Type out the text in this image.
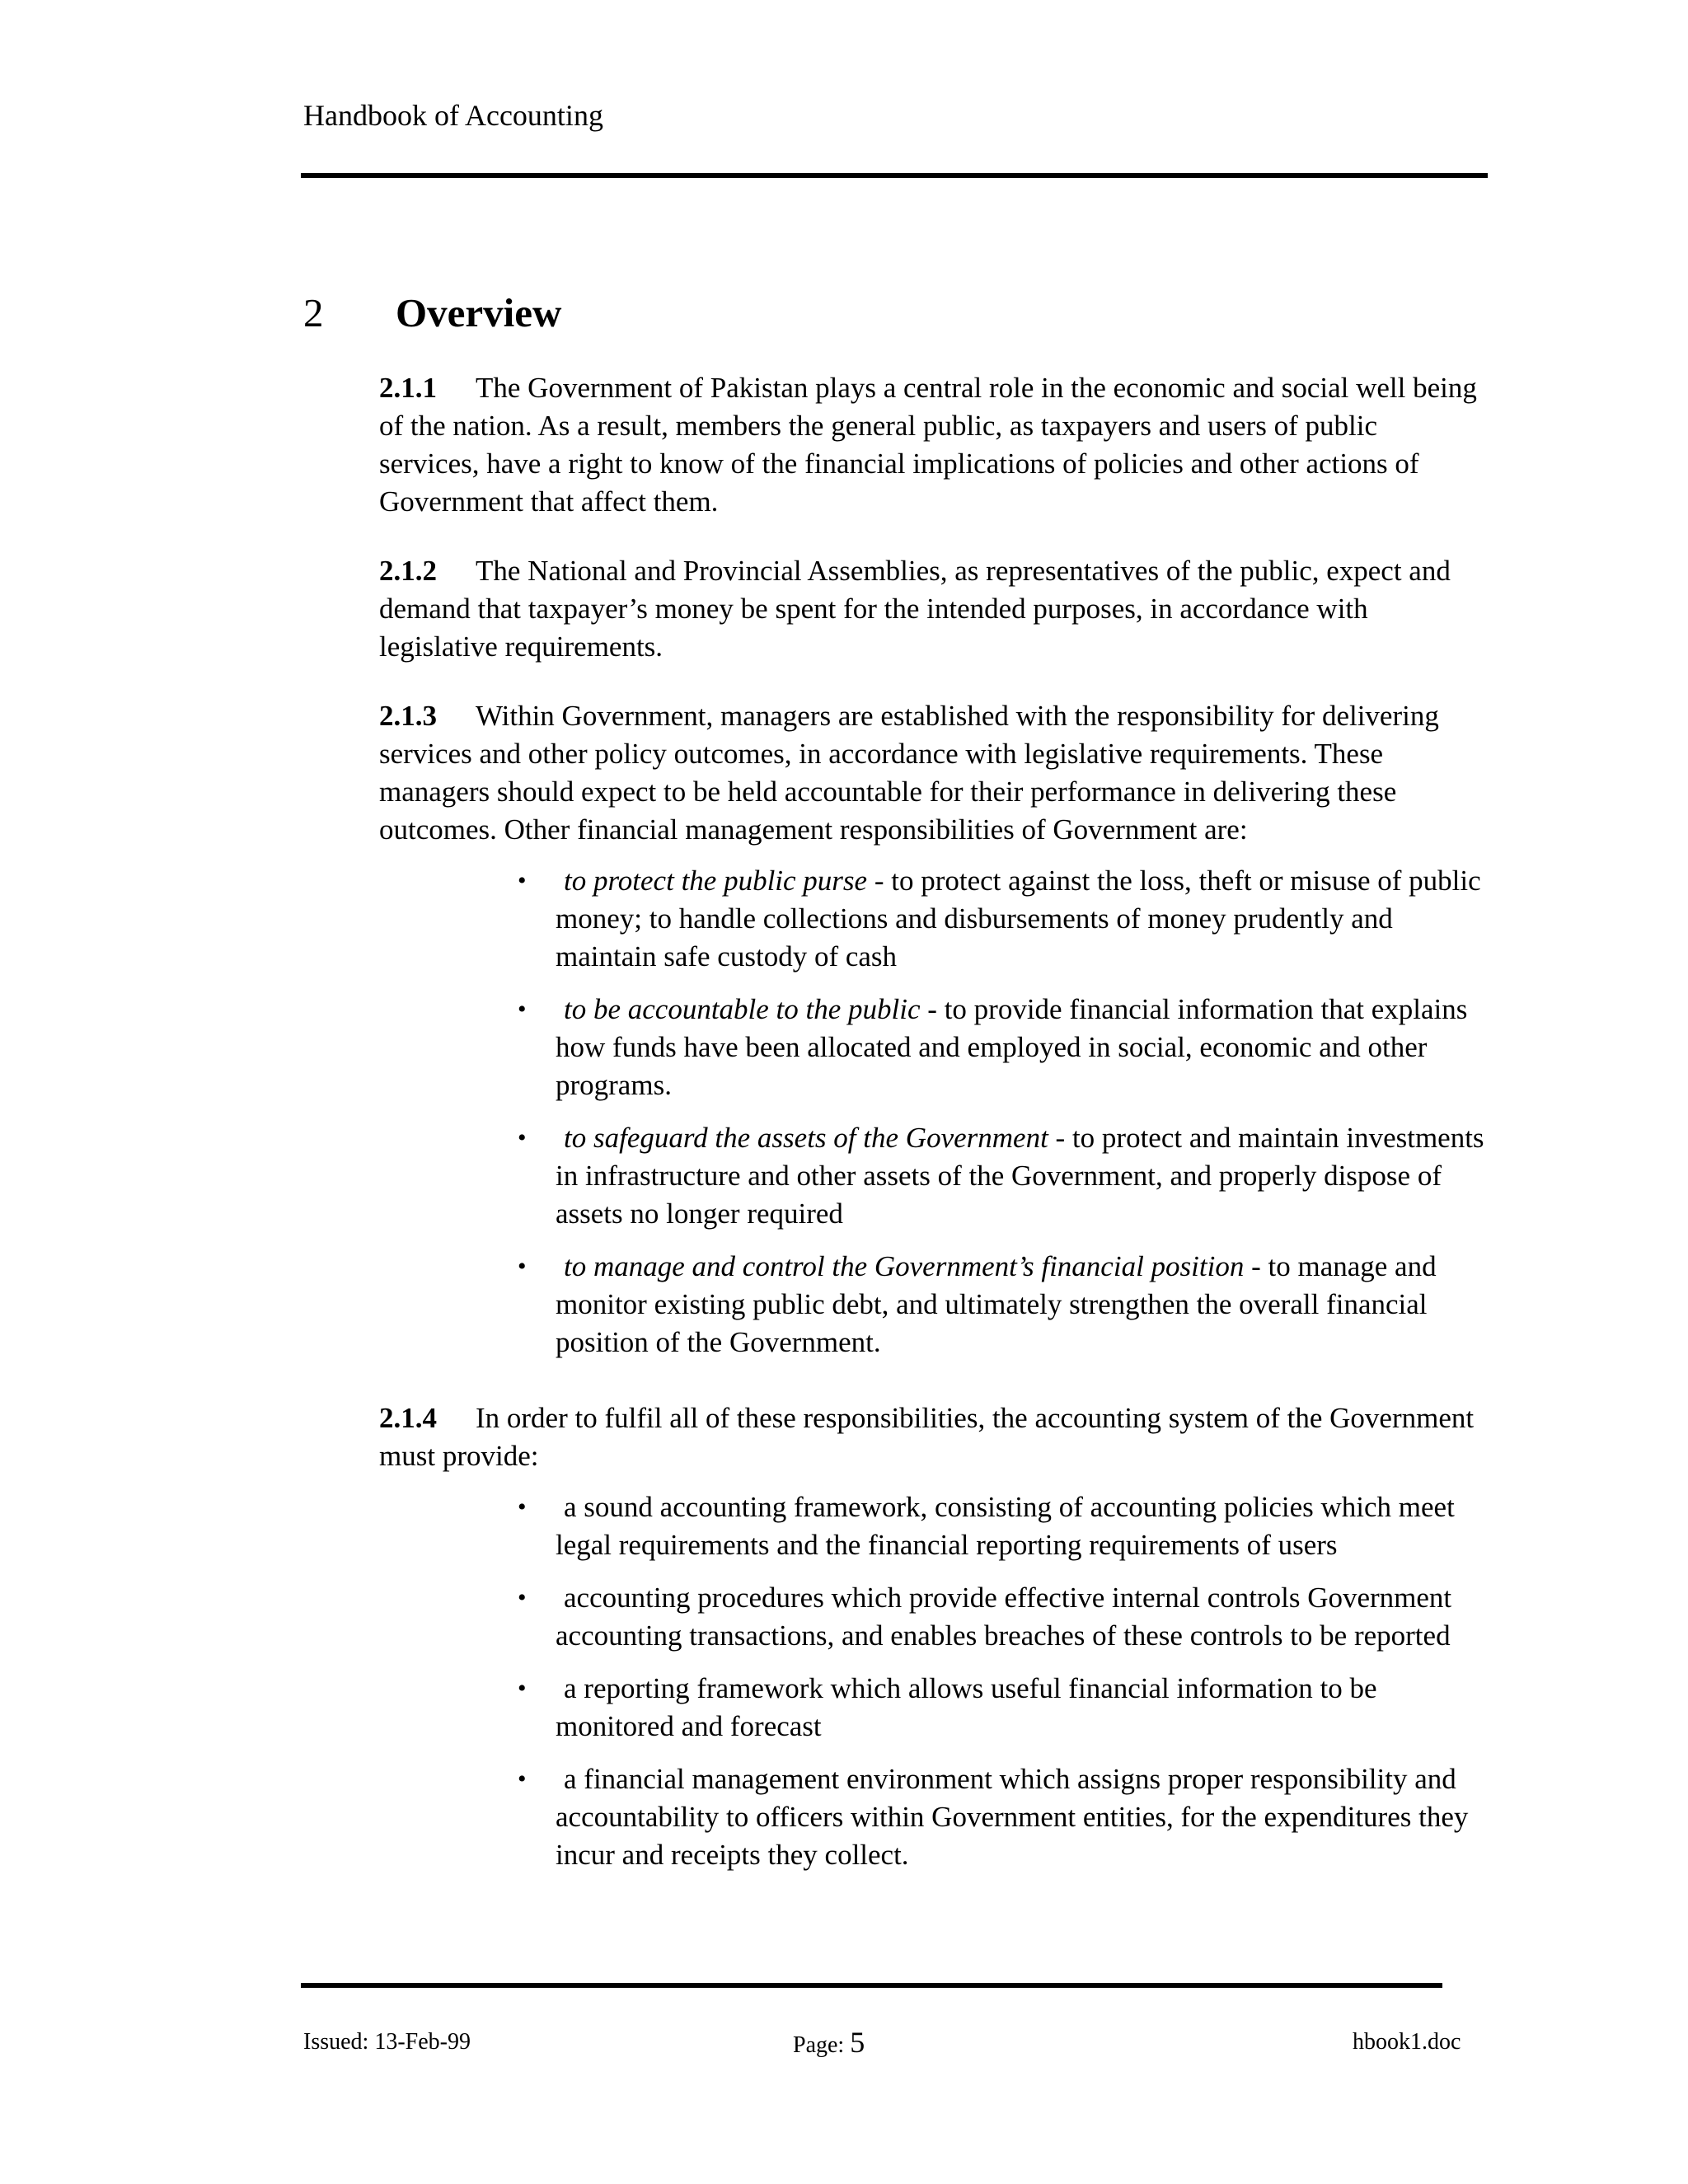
Handbook of Accounting
2 Overview
2.1.1	The Government of Pakistan plays a central role in the economic and social well being of the nation. As a result, members the general public, as taxpayers and users of public services, have a right to know of the financial implications of policies and other actions of Government that affect them.
2.1.2	The National and Provincial Assemblies, as representatives of the public, expect and demand that taxpayer’s money be spent for the intended purposes, in accordance with legislative requirements.
2.1.3	Within Government, managers are established with the responsibility for delivering services and other policy outcomes, in accordance with legislative requirements. These managers should expect to be held accountable for their performance in delivering these outcomes. Other financial management responsibilities of Government are:
• to protect the public purse - to protect against the loss, theft or misuse of public money; to handle collections and disbursements of money prudently and maintain safe custody of cash
• to be accountable to the public - to provide financial information that explains how funds have been allocated and employed in social, economic and other programs.
• to safeguard the assets of the Government - to protect and maintain investments in infrastructure and other assets of the Government, and properly dispose of assets no longer required
• to manage and control the Government’s financial position - to manage and monitor existing public debt, and ultimately strengthen the overall financial position of the Government.
2.1.4	In order to fulfil all of these responsibilities, the accounting system of the Government must provide:
• a sound accounting framework, consisting of accounting policies which meet legal requirements and the financial reporting requirements of users
• accounting procedures which provide effective internal controls Government accounting transactions, and enables breaches of these controls to be reported
• a reporting framework which allows useful financial information to be monitored and forecast
• a financial management environment which assigns proper responsibility and accountability to officers within Government entities, for the expenditures they incur and receipts they collect.
Issued: 13-Feb-99	Page: 5	hbook1.doc
